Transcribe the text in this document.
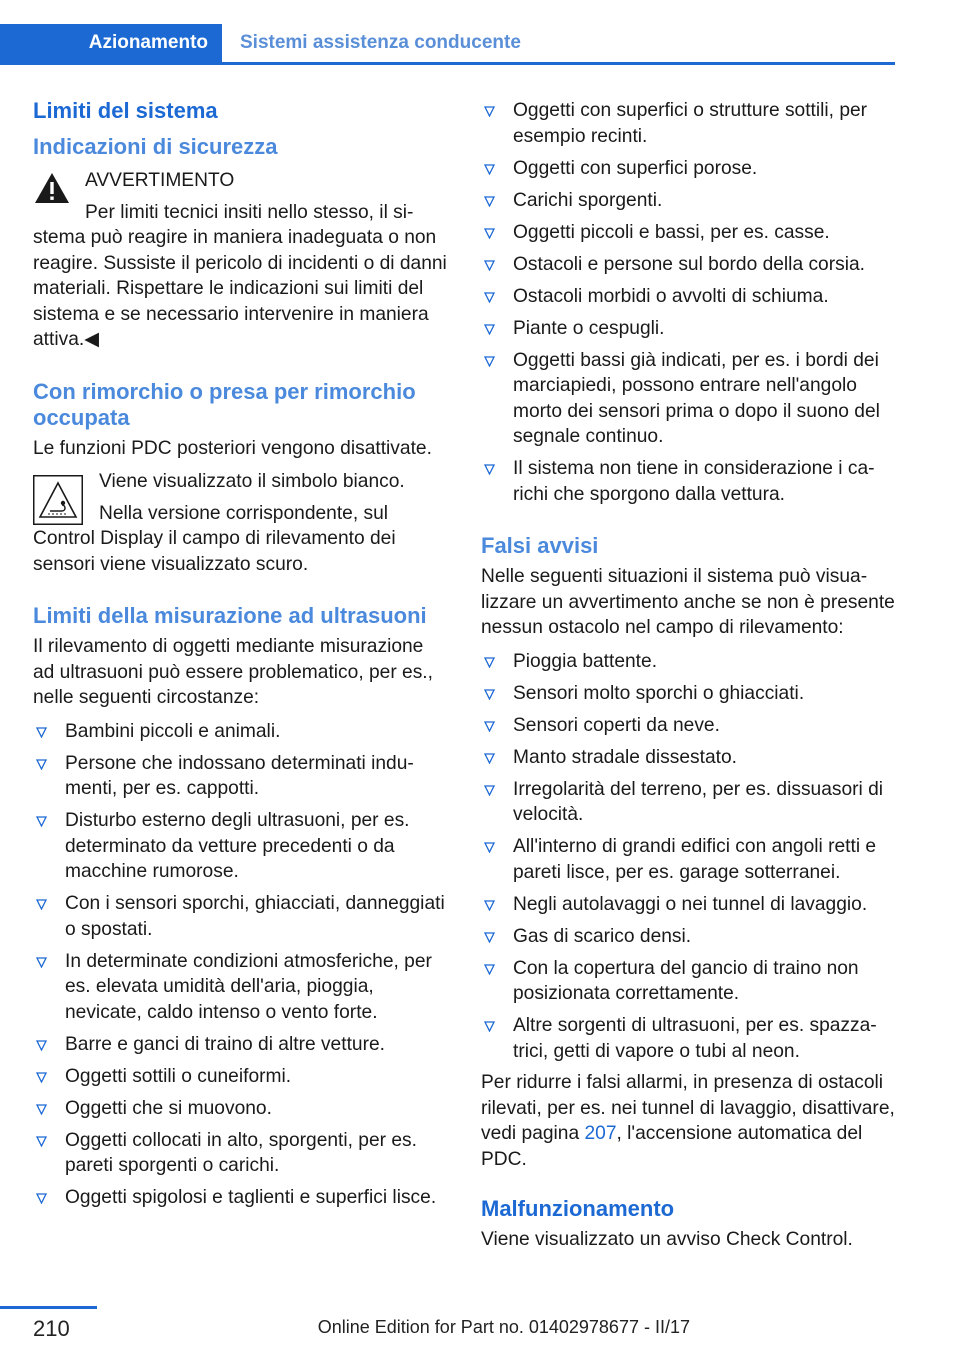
Azionamento	Sistemi assistenza conducente
Limiti del sistema
Indicazioni di sicurezza

AVVERTIMENTO

Per limiti tecnici insiti nello stesso, il sistema può reagire in maniera inadeguata o non reagire. Sussiste il pericolo di incidenti o di danni materiali. Rispettare le indicazioni sui limiti del sistema e se necessario intervenire in maniera attiva.◀

Con rimorchio o presa per rimorchio occupata

Le funzioni PDC posteriori vengono disattivate.

Viene visualizzato il simbolo bianco.

Nella versione corrispondente, sul Control Display il campo di rilevamento dei sensori viene visualizzato scuro.

Limiti della misurazione ad ultrasuoni

Il rilevamento di oggetti mediante misurazione ad ultrasuoni può essere problematico, per es., nelle seguenti circostanze:

Bambini piccoli e animali.
Persone che indossano determinati indumenti, per es. cappotti.
Disturbo esterno degli ultrasuoni, per es. determinato da vetture precedenti o da macchine rumorose.
Con i sensori sporchi, ghiacciati, danneggiati o spostati.
In determinate condizioni atmosferiche, per es. elevata umidità dell'aria, pioggia, nevicate, caldo intenso o vento forte.
Barre e ganci di traino di altre vetture.
Oggetti sottili o cuneiformi.
Oggetti che si muovono.
Oggetti collocati in alto, sporgenti, per es. pareti sporgenti o carichi.
Oggetti spigolosi e taglienti e superfici lisce.
Oggetti con superfici o strutture sottili, per esempio recinti.
Oggetti con superfici porose.
Carichi sporgenti.
Oggetti piccoli e bassi, per es. casse.
Ostacoli e persone sul bordo della corsia.
Ostacoli morbidi o avvolti di schiuma.
Piante o cespugli.
Oggetti bassi già indicati, per es. i bordi dei marciapiedi, possono entrare nell'angolo morto dei sensori prima o dopo il suono del segnale continuo.
Il sistema non tiene in considerazione i carichi che sporgono dalla vettura.
Falsi avvisi

Nelle seguenti situazioni il sistema può visualizzare un avvertimento anche se non è presente nessun ostacolo nel campo di rilevamento:

Pioggia battente.
Sensori molto sporchi o ghiacciati.
Sensori coperti da neve.
Manto stradale dissestato.
Irregolarità del terreno, per es. dissuasori di velocità.
All'interno di grandi edifici con angoli retti e pareti lisce, per es. garage sotterranei.
Negli autolavaggi o nei tunnel di lavaggio.
Gas di scarico densi.
Con la copertura del gancio di traino non posizionata correttamente.
Altre sorgenti di ultrasuoni, per es. spazzatrici, getti di vapore o tubi al neon.

Per ridurre i falsi allarmi, in presenza di ostacoli rilevati, per es. nei tunnel di lavaggio, disattivare, vedi pagina 207, l'accensione automatica del PDC.

Malfunzionamento

Viene visualizzato un avviso Check Control.

210	Online Edition for Part no. 01402978677 - II/17
